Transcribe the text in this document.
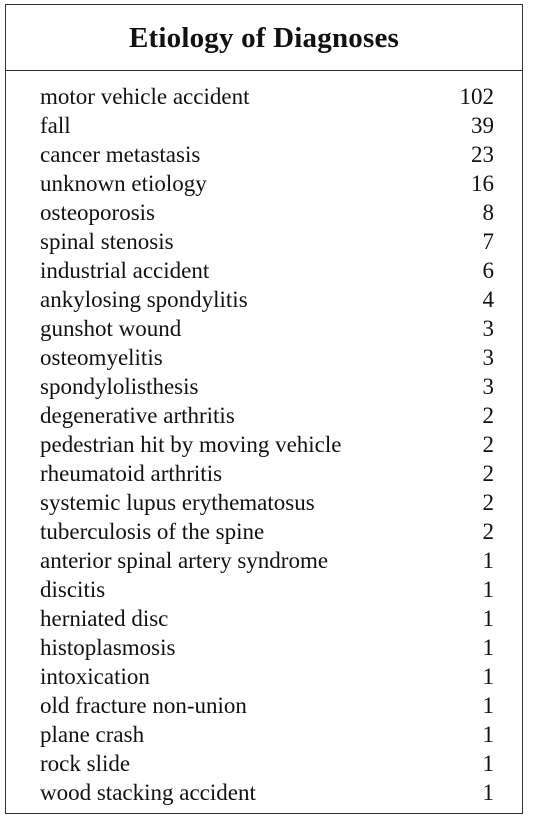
Etiology of Diagnoses
motor vehicle accident	102
fall	39
cancer metastasis	23
unknown etiology	16
osteoporosis	8
spinal stenosis	7
industrial accident	6
ankylosing spondylitis	4
gunshot wound	3
osteomyelitis	3
spondylolisthesis	3
degenerative arthritis	2
pedestrian hit by moving vehicle	2
rheumatoid arthritis	2
systemic lupus erythematosus	2
tuberculosis of the spine	2
anterior spinal artery syndrome	1
discitis	1
herniated disc	1
histoplasmosis	1
intoxication	1
old fracture non-union	1
plane crash	1
rock slide	1
wood stacking accident	1
